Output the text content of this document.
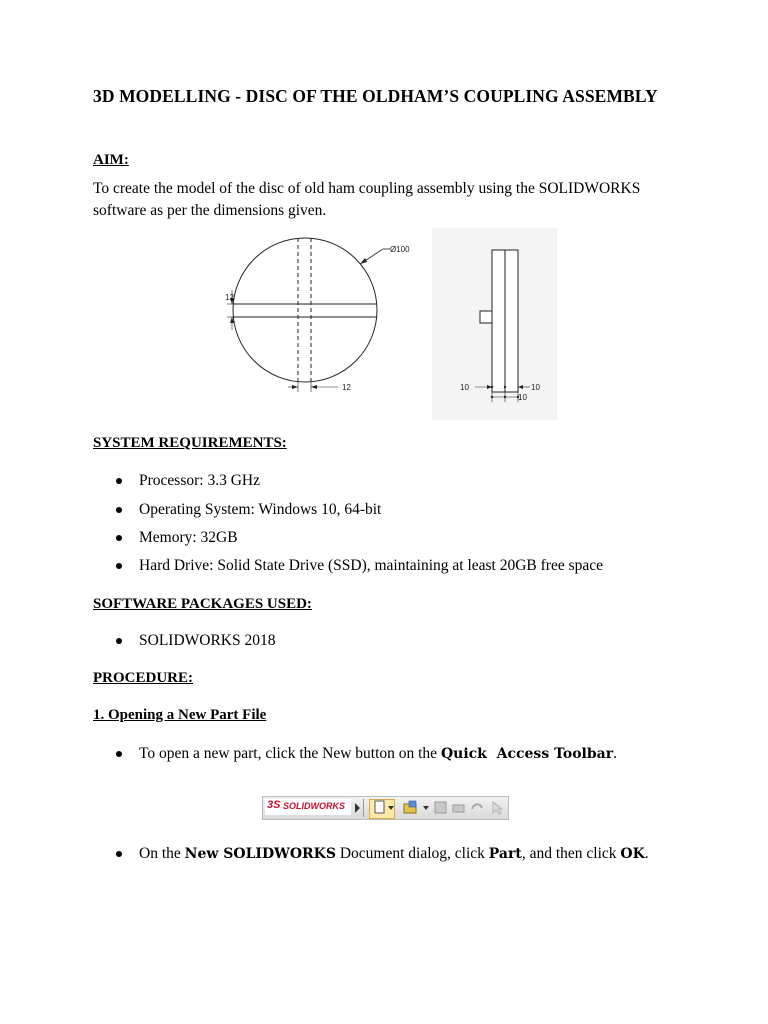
3D MODELLING - DISC OF THE OLDHAM’S COUPLING ASSEMBLY
AIM:
To create the model of the disc of old ham coupling assembly using the SOLIDWORKS software as per the dimensions given.
Ø100
12
12	10	10
10
SYSTEM REQUIREMENTS:
Processor: 3.3 GHz
Operating System: Windows 10, 64-bit
Memory: 32GB
Hard Drive: Solid State Drive (SSD), maintaining at least 20GB free space
SOFTWARE PACKAGES USED:
SOLIDWORKS 2018
PROCEDURE:
1. Opening a New Part File
To open a new part, click the New button on the Quick  Access Toolbar.
3S SOLIDWORKS
On the New SOLIDWORKS Document dialog, click Part, and then click OK.
